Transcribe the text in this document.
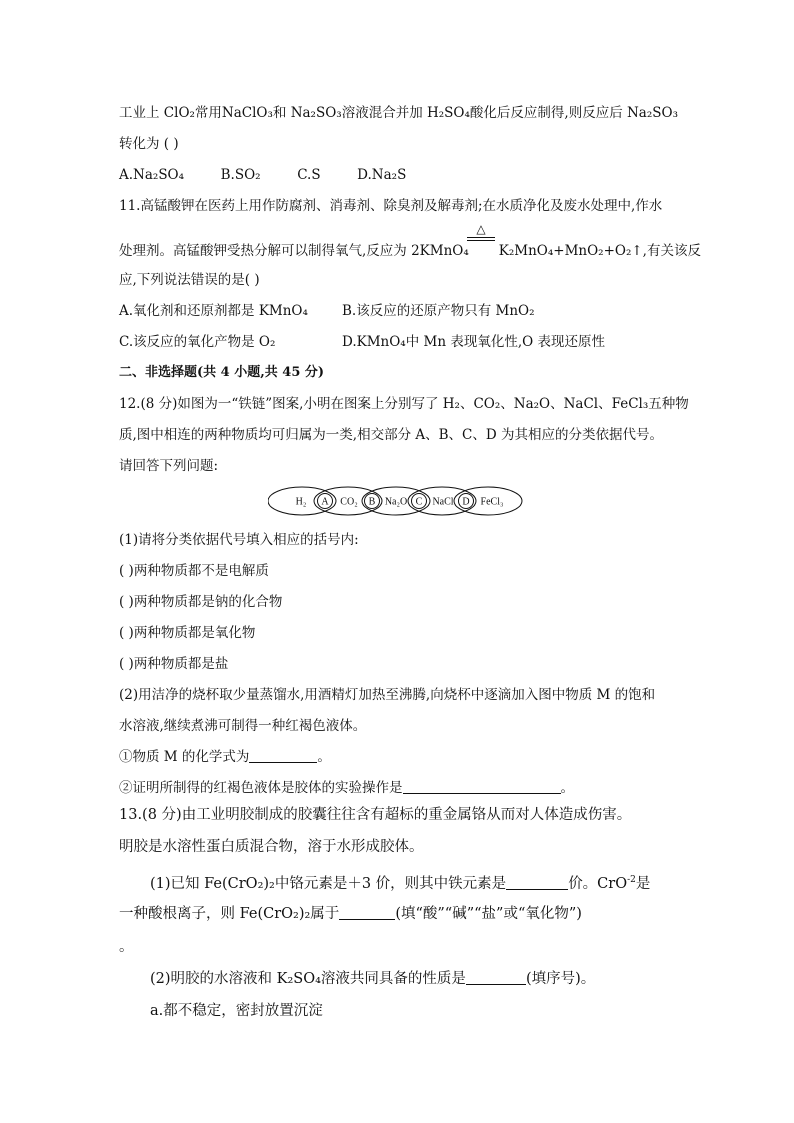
工业上 ClO₂常用NaClO₃和 Na₂SO₃溶液混合并加 H₂SO₄酸化后反应制得,则反应后 Na₂SO₃
转化为 ( )
A.Na₂SO₄	B.SO₂	C.S	D.Na₂S
11.高锰酸钾在医药上用作防腐剂、消毒剂、除臭剂及解毒剂;在水质净化及废水处理中,作水
△
处理剂。高锰酸钾受热分解可以制得氧气,反应为 2KMnO₄ K₂MnO₄+MnO₂+O₂↑,有关该反
应,下列说法错误的是( )
A.氧化剂和还原剂都是 KMnO₄	B.该反应的还原产物只有 MnO₂
C.该反应的氧化产物是 O₂	D.KMnO₄中 Mn 表现氧化性,O 表现还原性
二、非选择题(共 4 小题,共 45 分)
12.(8 分)如图为一“铁链”图案,小明在图案上分别写了 H₂、CO₂、Na₂O、NaCl、FeCl₃五种物
质,图中相连的两种物质均可归属为一类,相交部分 A、B、C、D 为其相应的分类依据代号。
请回答下列问题:
H₂	CO₂	Na₂O	NaCl	FeCl₃
A	B	C	D
(1)请将分类依据代号填入相应的括号内:
( )两种物质都不是电解质
( )两种物质都是钠的化合物
( )两种物质都是氧化物
( )两种物质都是盐
(2)用洁净的烧杯取少量蒸馏水,用酒精灯加热至沸腾,向烧杯中逐滴加入图中物质 M 的饱和
水溶液,继续煮沸可制得一种红褐色液体。
①物质 M 的化学式为	。
②证明所制得的红褐色液体是胶体的实验操作是	。
13.(8 分)由工业明胶制成的胶囊往往含有超标的重金属铬从而对人体造成伤害。
明胶是水溶性蛋白质混合物，溶于水形成胶体。
(1)已知 Fe(CrO₂)₂中铬元素是＋3 价，则其中铁元素是	价。CrO$^{-2}$是
一种酸根离子，则 Fe(CrO₂)₂属于	(填“酸”“碱”“盐”或“氧化物”)
。
(2)明胶的水溶液和 K₂SO₄溶液共同具备的性质是	(填序号)。
a.都不稳定，密封放置沉淀
